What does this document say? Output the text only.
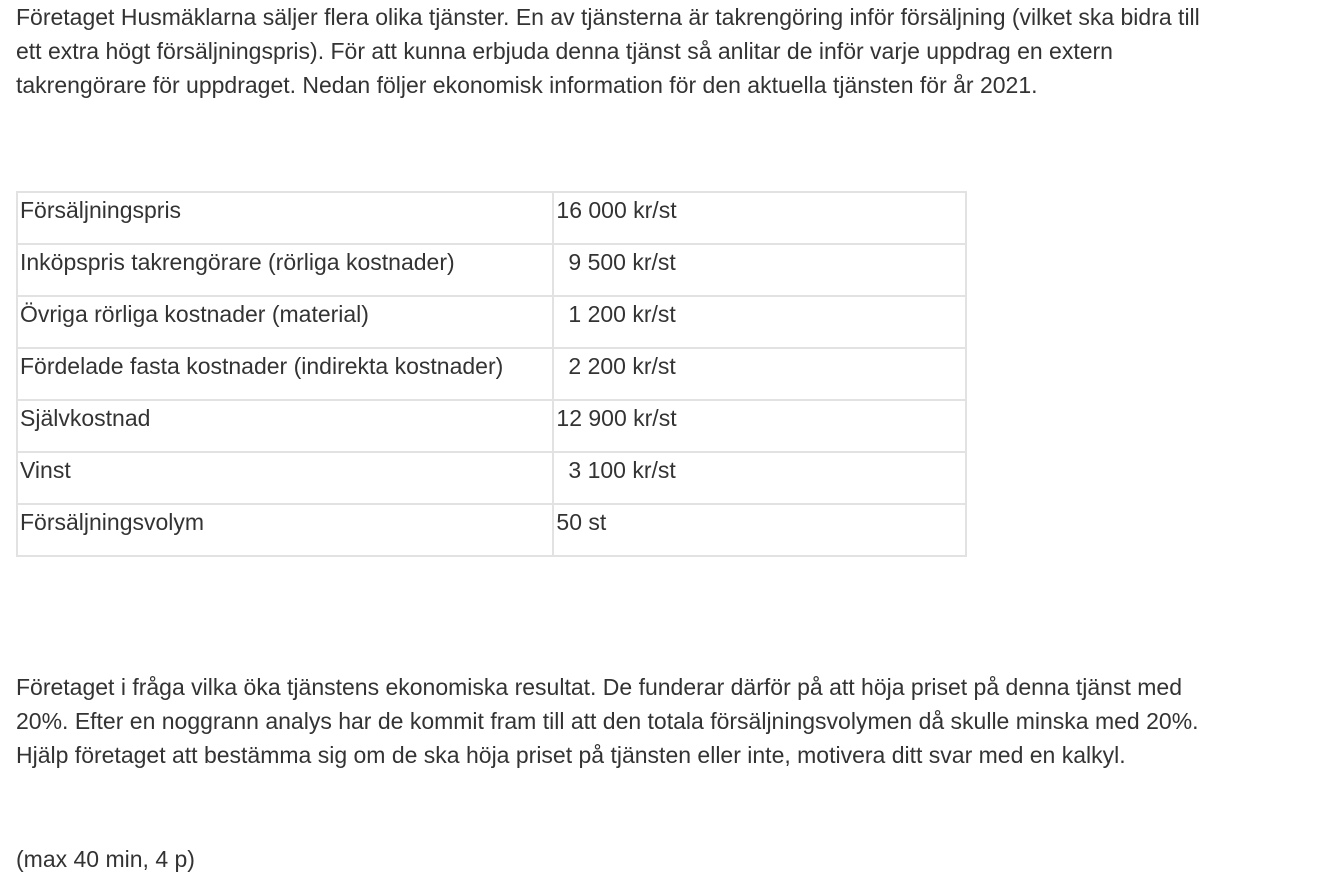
Företaget Husmäklarna säljer flera olika tjänster. En av tjänsterna är takrengöring inför försäljning (vilket ska bidra till
ett extra högt försäljningspris). För att kunna erbjuda denna tjänst så anlitar de inför varje uppdrag en extern
takrengörare för uppdraget. Nedan följer ekonomisk information för den aktuella tjänsten för år 2021.

Försäljningspris	16 000 kr/st
Inköpspris takrengörare (rörliga kostnader)	9 500 kr/st
Övriga rörliga kostnader (material)	1 200 kr/st
Fördelade fasta kostnader (indirekta kostnader)	2 200 kr/st
Självkostnad	12 900 kr/st
Vinst	3 100 kr/st
Försäljningsvolym	50 st

Företaget i fråga vilka öka tjänstens ekonomiska resultat. De funderar därför på att höja priset på denna tjänst med
20%. Efter en noggrann analys har de kommit fram till att den totala försäljningsvolymen då skulle minska med 20%.
Hjälp företaget att bestämma sig om de ska höja priset på tjänsten eller inte, motivera ditt svar med en kalkyl.

(max 40 min, 4 p)
